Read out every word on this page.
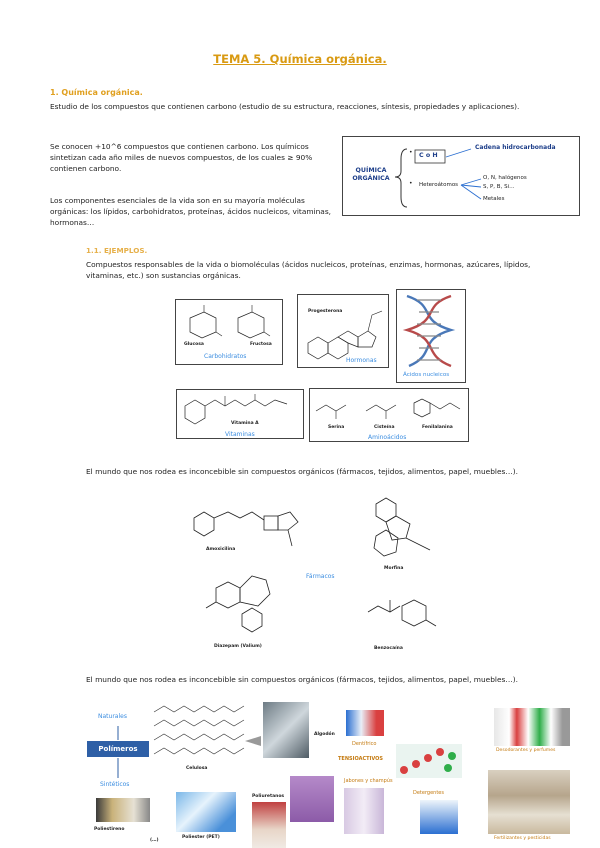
TEMA 5. Química orgánica.
1. Química orgánica.
Estudio de los compuestos que contienen carbono (estudio de su estructura, reacciones, síntesis, propiedades y aplicaciones).
Se conocen +10^6 compuestos que contienen carbono. Los químicos sintetizan cada año miles de nuevos compuestos, de los cuales ≥ 90% contienen carbono.
Los componentes esenciales de la vida son en su mayoría moléculas orgánicas: los lípidos, carbohidratos, proteínas, ácidos nucleicos, vitaminas, hormonas…
QUÍMICA ORGÁNICA
• C o H
Cadena hidrocarbonada
• Heteroátomos
O, N, halógenos
S, P, B, Si…
Metales
1.1. EJEMPLOS.
Compuestos responsables de la vida o biomoléculas (ácidos nucleicos, proteínas, enzimas, hormonas, azúcares, lípidos, vitaminas, etc.) son sustancias orgánicas.
Glucosa	Fructosa
Carbohidratos
Progesterona
Hormonas
Ácidos nucleicos
Vitamina A
Vitaminas
Serina	Cisteína	Fenilalanina
Aminoácidos
El mundo que nos rodea es inconcebible sin compuestos orgánicos (fármacos, tejidos, alimentos, papel, muebles…).
Amoxicilina
Fármacos
Morfina
Diazepam (Valium)	Benzocaína
El mundo que nos rodea es inconcebible sin compuestos orgánicos (fármacos, tejidos, alimentos, papel, muebles…).
Naturales
Polímeros
Sintéticos
Celulosa
Algodón
Dentífrico
TENSIOACTIVOS
Desodorantes y perfumes
Poliestireno
Poliester (PET)
(…)
Poliuretanos
Jabones y champús
Detergentes
Fertilizantes y pesticidas
